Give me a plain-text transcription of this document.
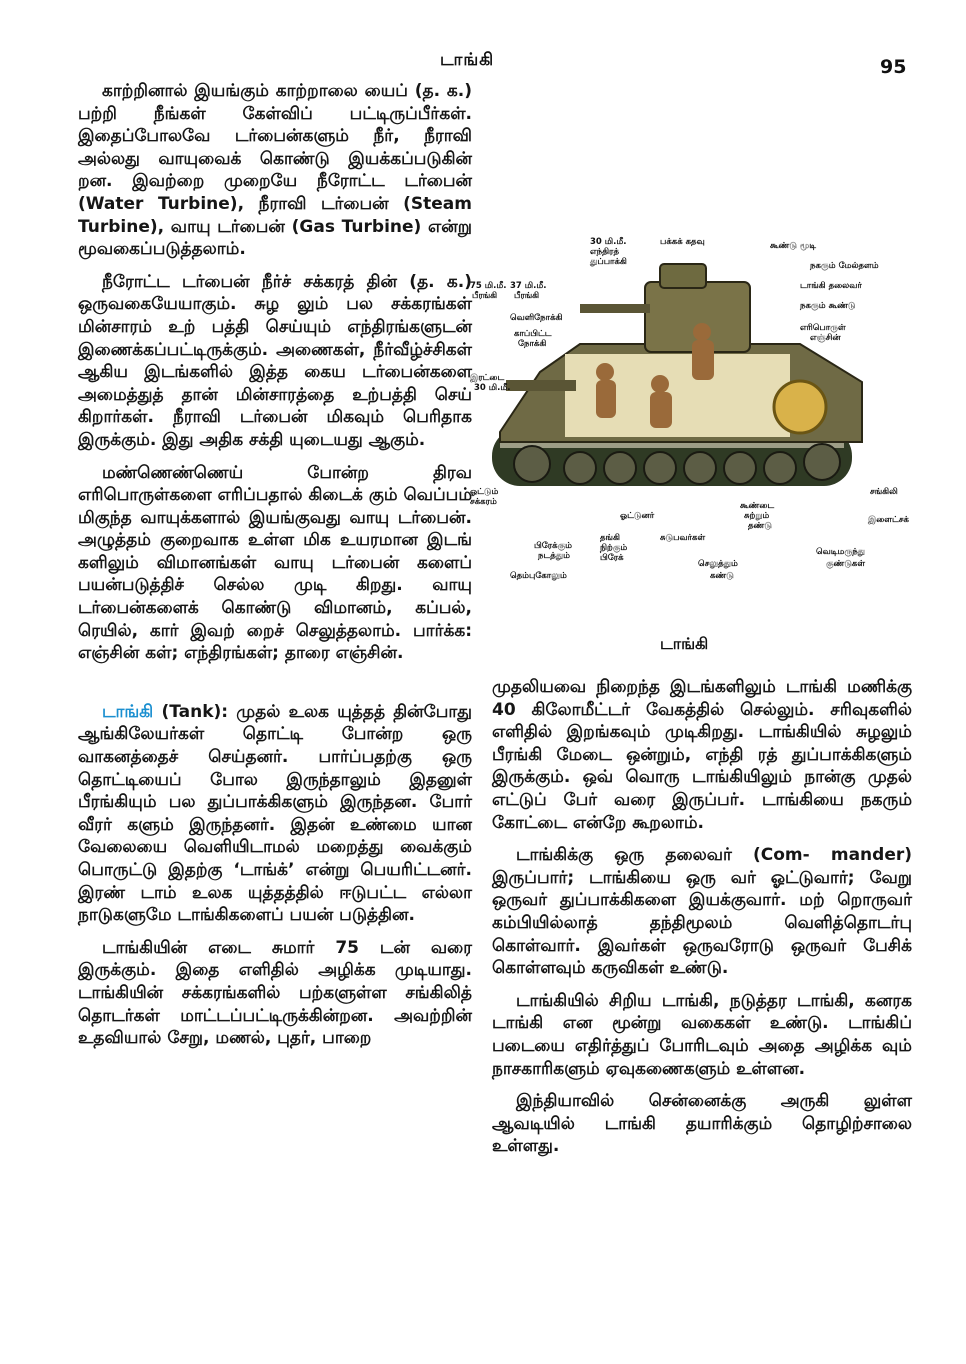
டாங்கி	95

காற்றினால் இயங்கும் காற்றாலை யைப் (த. க.) பற்றி நீங்கள் கேள்விப் பட்டிருப்பீர்கள். இதைப்போலவே டர்பைன்களும் நீர், நீராவி அல்லது வாயுவைக் கொண்டு இயக்கப்படுகின் றன. இவற்றை முறையே நீரோட்ட டர்பைன் (Water Turbine), நீராவி டர்பைன் (Steam Turbine), வாயு டர்பைன் (Gas Turbine) என்று மூவகைப்படுத்தலாம்.

நீரோட்ட டர்பைன் நீர்ச் சக்கரத் தின் (த. க.) ஒருவகையேயாகும். சுழ லும் பல சக்கரங்கள் மின்சாரம் உற் பத்தி செய்யும் எந்திரங்களுடன் இணைக்கப்பட்டிருக்கும். அணைகள், நீர்வீழ்ச்சிகள் ஆகிய இடங்களில் இத்த கைய டர்பைன்களை அமைத்துத் தான் மின்சாரத்தை உற்பத்தி செய் கிறார்கள். நீராவி டர்பைன் மிகவும் பெரிதாக இருக்கும். இது அதிக சக்தி யுடையது ஆகும்.

மண்ணெண்ணெய் போன்ற திரவ எரிபொருள்களை எரிப்பதால் கிடைக் கும் வெப்பம் மிகுந்த வாயுக்களால் இயங்குவது வாயு டர்பைன். அழுத்தம் குறைவாக உள்ள மிக உயரமான இடங் களிலும் விமானங்கள் வாயு டர்பைன் களைப் பயன்படுத்திச் செல்ல முடி கிறது. வாயு டர்பைன்களைக் கொண்டு விமானம், கப்பல், ரெயில், கார் இவற் றைச் செலுத்தலாம். பார்க்க: எஞ்சின் கள்; எந்திரங்கள்; தாரை எஞ்சின்.

டாங்கி (Tank): முதல் உலக யுத்தத் தின்போது ஆங்கிலேயர்கள் தொட்டி போன்ற ஒரு வாகனத்தைச் செய்தனர். பார்ப்பதற்கு ஒரு தொட்டியைப் போல இருந்தாலும் இதனுள் பீரங்கியும் பல துப்பாக்கிகளும் இருந்தன. போர் வீரர் களும் இருந்தனர். இதன் உண்மை யான வேலையை வெளியிடாமல் மறைத்து வைக்கும் பொருட்டு இதற்கு ‘டாங்க்’ என்று பெயரிட்டனர். இரண் டாம் உலக யுத்தத்தில் ஈடுபட்ட எல்லா நாடுகளுமே டாங்கிகளைப் பயன் படுத்தின.

டாங்கியின் எடை சுமார் 75 டன் வரை இருக்கும். இதை எளிதில் அழிக்க முடியாது. டாங்கியின் சக்கரங்களில் பற்களுள்ள சங்கிலித் தொடர்கள் மாட்டப்பட்டிருக்கின்றன. அவற்றின் உதவியால் சேறு, மணல், புதர், பாறை

30 மி.மீ.
எந்திரத்
துப்பாக்கி
பக்கக் கதவு	கூண்டு மூடி
நகரும் மேல்தளம்
டாங்கி தலைவர்
நகரும் கூண்டு
எரிபொருள்
எஞ்சின்
75 மி.மீ.
பீரங்கி
37 மி.மீ.
பீரங்கி
வெளிநோக்கி
காப்பிட்ட
நோக்கி
இரட்டை
30 மி.மீ.
ஓட்டும்
சக்கரம்
சங்கிலி
ஓட்டுனர்
கூண்டை
சுற்றும்
தண்டு
இளைட்சக்
பிரேக்கும்
நடத்தும்
தெம்புகோலும்
தங்கி
நிற்கும்
பிரேக்
சுடுபவர்கள்
செலுத்தும்
கண்டு
வெடிமருந்து
குண்டுகள்
டாங்கி

முதலியவை நிறைந்த இடங்களிலும் டாங்கி மணிக்கு 40 கிலோமீட்டர் வேகத்தில் செல்லும். சரிவுகளில் எளிதில் இறங்கவும் முடிகிறது. டாங்கியில் சுழலும் பீரங்கி மேடை ஒன்றும், எந்தி ரத் துப்பாக்கிகளும் இருக்கும். ஒவ் வொரு டாங்கியிலும் நான்கு முதல் எட்டுப் பேர் வரை இருப்பர். டாங்கியை நகரும் கோட்டை என்றே கூறலாம்.

டாங்கிக்கு ஒரு தலைவர் (Com- mander) இருப்பார்; டாங்கியை ஒரு வர் ஓட்டுவார்; வேறு ஒருவர் துப்பாக்கிகளை இயக்குவார். மற் றொருவர் கம்பியில்லாத் தந்திமூலம் வெளித்தொடர்பு கொள்வார். இவர்கள் ஒருவரோடு ஒருவர் பேசிக் கொள்ளவும் கருவிகள் உண்டு.

டாங்கியில் சிறிய டாங்கி, நடுத்தர டாங்கி, கனரக டாங்கி என மூன்று வகைகள் உண்டு. டாங்கிப் படையை எதிர்த்துப் போரிடவும் அதை அழிக்க வும் நாசகாரிகளும் ஏவுகணைகளும் உள்ளன.

இந்தியாவில் சென்னைக்கு அருகி லுள்ள ஆவடியில் டாங்கி தயாரிக்கும் தொழிற்சாலை உள்ளது.
